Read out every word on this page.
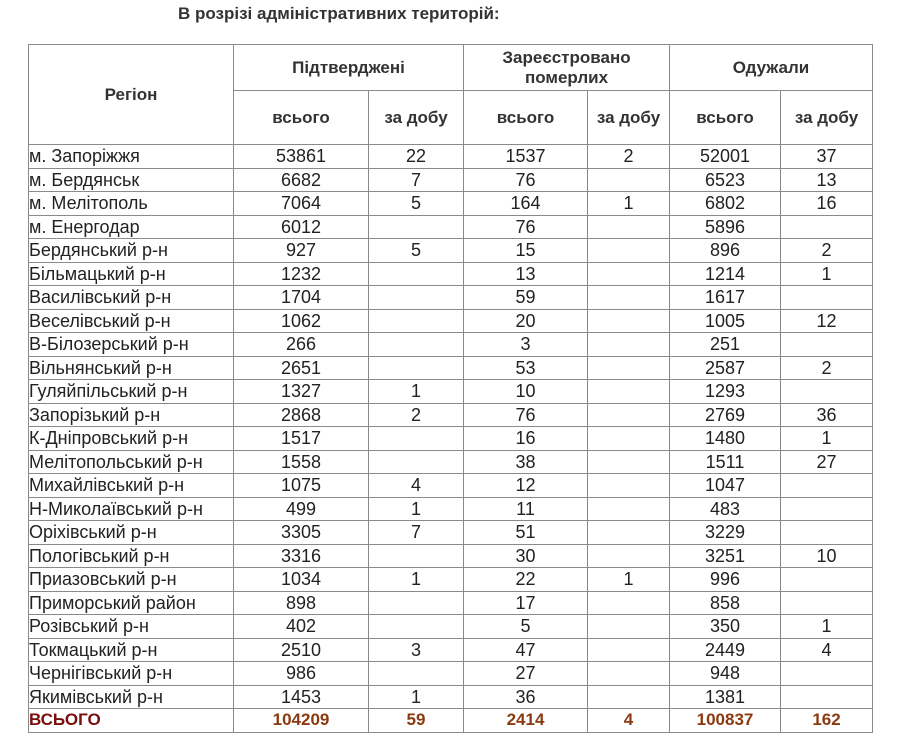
В розрізі адміністративних територій:
Регіон	Підтверджені		Зареєстровано померлих		Одужали	
	всього	за добу	всього	за добу	всього	за добу
м. Запоріжжя	53861	22	1537	2	52001	37
м. Бердянськ	6682	7	76		6523	13
м. Мелітополь	7064	5	164	1	6802	16
м. Енергодар	6012		76		5896	
Бердянський р-н	927	5	15		896	2
Більмацький р-н	1232		13		1214	1
Василівський р-н	1704		59		1617	
Веселівський р-н	1062		20		1005	12
В-Білозерський р-н	266		3		251	
Вільнянський р-н	2651		53		2587	2
Гуляйпільський р-н	1327	1	10		1293	
Запорізький р-н	2868	2	76		2769	36
К-Дніпровський р-н	1517		16		1480	1
Мелітопольський р-н	1558		38		1511	27
Михайлівський р-н	1075	4	12		1047	
Н-Миколаївський р-н	499	1	11		483	
Оріхівський р-н	3305	7	51		3229	
Пологівський р-н	3316		30		3251	10
Приазовський р-н	1034	1	22	1	996	
Приморський район	898		17		858	
Розівський р-н	402		5		350	1
Токмацький р-н	2510	3	47		2449	4
Чернігівський р-н	986		27		948	
Якимівський р-н	1453	1	36		1381	
ВСЬОГО	104209	59	2414	4	100837	162
